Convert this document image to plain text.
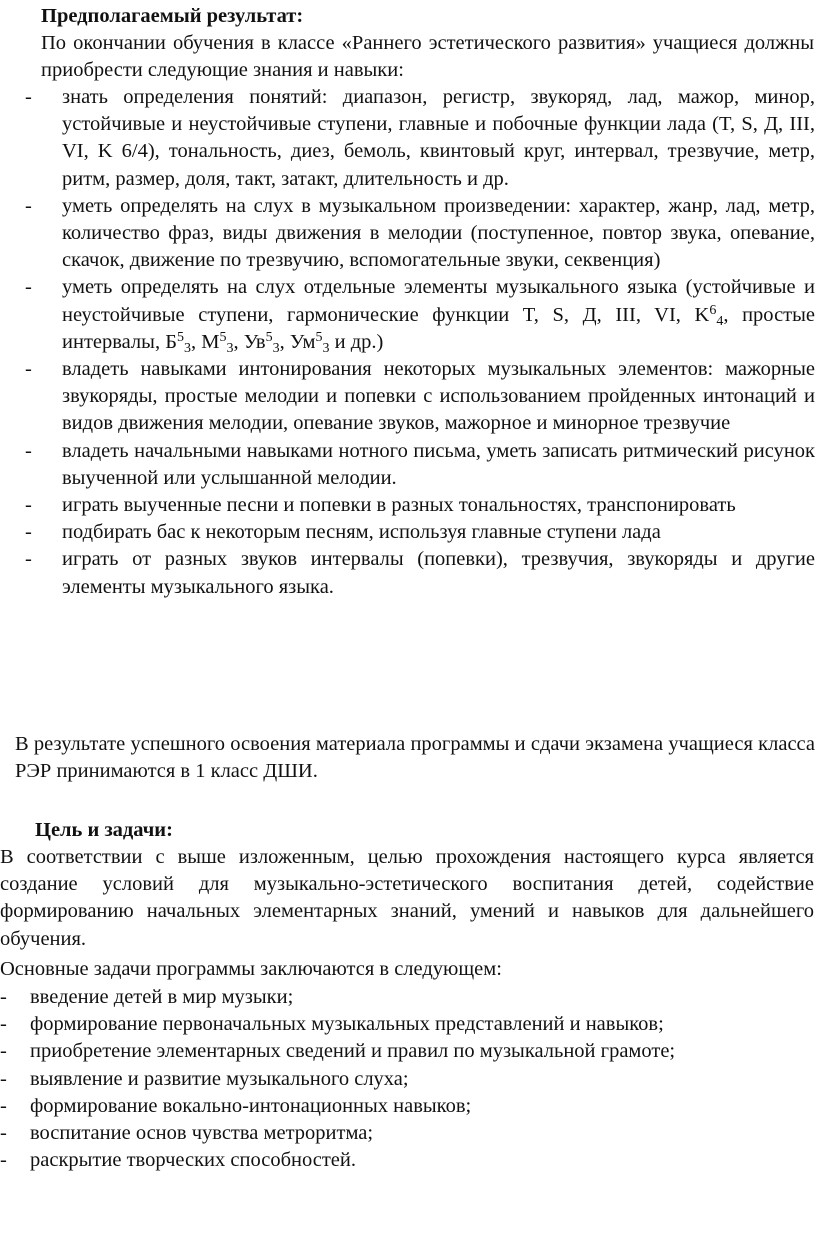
Предполагаемый результат:

По окончании обучения в классе «Раннего эстетического развития» учащиеся должны приобрести следующие знания и навыки:

- знать определения понятий: диапазон, регистр, звукоряд, лад, мажор, минор, устойчивые и неустойчивые ступени, главные и побочные функции лада (T, S, Д, III, VI, K 6/4), тональность, диез, бемоль, квинтовый круг, интервал, трезвучие, метр, ритм, размер, доля, такт, затакт, длительность и др.
- уметь определять на слух в музыкальном произведении: характер, жанр, лад, метр, количество фраз, виды движения в мелодии (поступенное, повтор звука, опевание, скачок, движение по трезвучию, вспомогательные звуки, секвенция)
- уметь определять на слух отдельные элементы музыкального языка (устойчивые и неустойчивые ступени, гармонические функции T, S, Д, III, VI, $K^6_4$, простые интервалы, $Б^5_3$, $М^5_3$, $Ув^5_3$, $Ум^5_3$ и др.)
- владеть навыками интонирования некоторых музыкальных элементов: мажорные звукоряды, простые мелодии и попевки с использованием пройденных интонаций и видов движения мелодии, опевание звуков, мажорное и минорное трезвучие
- владеть начальными навыками нотного письма, уметь записать ритмический рисунок выученной или услышанной мелодии.
- играть выученные песни и попевки в разных тональностях, транспонировать
- подбирать бас к некоторым песням, используя главные ступени лада
- играть от разных звуков интервалы (попевки), трезвучия, звукоряды и другие элементы музыкального языка.

В результате успешного освоения материала программы и сдачи экзамена учащиеся класса РЭР принимаются в 1 класс ДШИ.

Цель и задачи:

В соответствии с выше изложенным, целью прохождения настоящего курса является создание условий для музыкально-эстетического воспитания детей, содействие формированию начальных элементарных знаний, умений и навыков для дальнейшего обучения.

Основные задачи программы заключаются в следующем:

- введение детей в мир музыки;
- формирование первоначальных музыкальных представлений и навыков;
- приобретение элементарных сведений и правил по музыкальной грамоте;
- выявление и развитие музыкального слуха;
- формирование вокально-интонационных навыков;
- воспитание основ чувства метроритма;
- раскрытие творческих способностей.
